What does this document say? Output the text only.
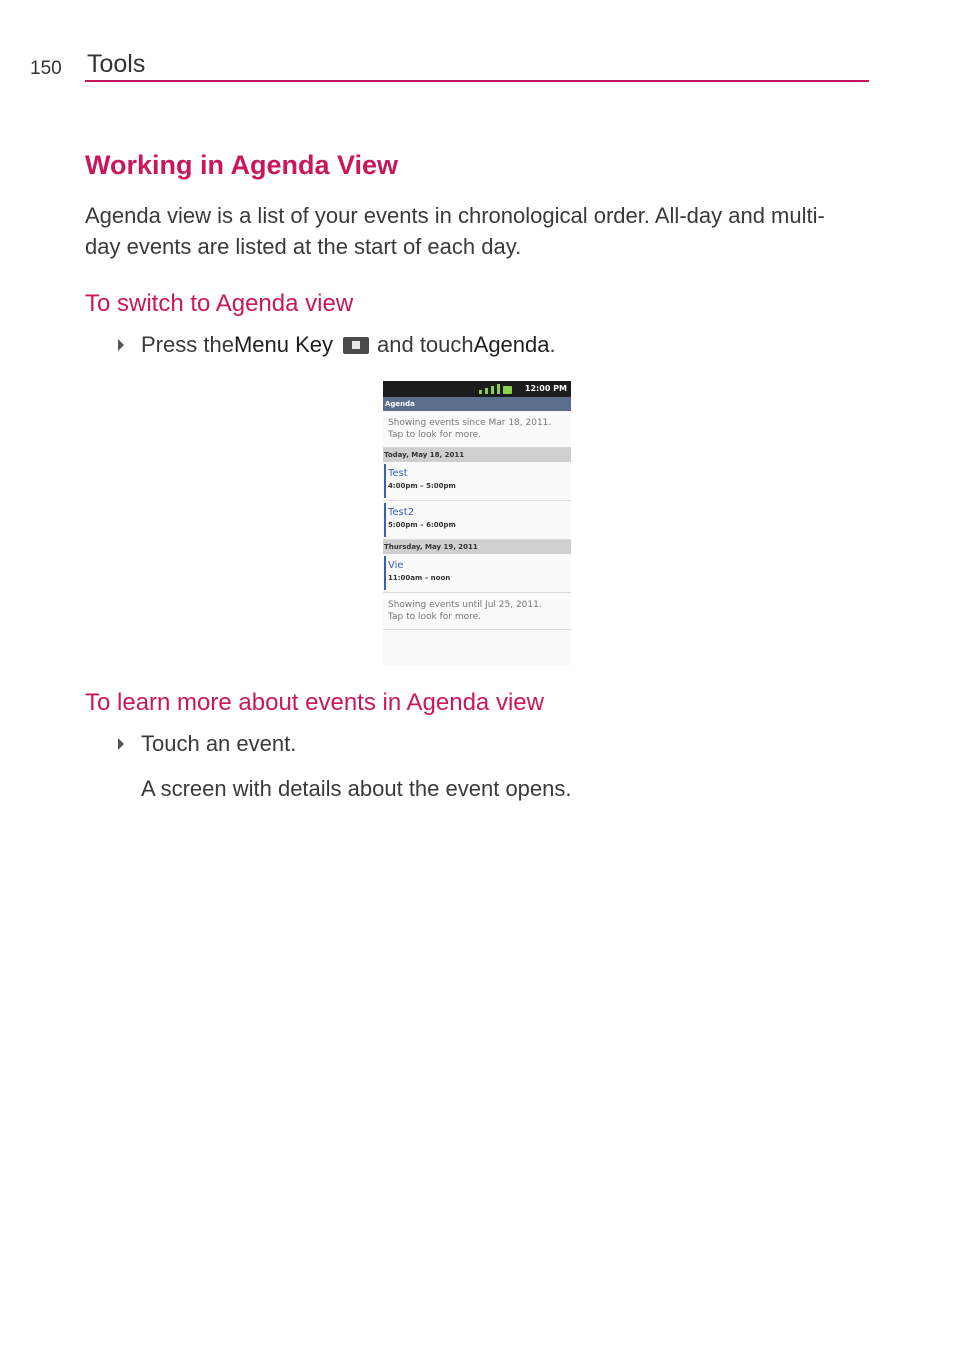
150 Tools
Working in Agenda View
Agenda view is a list of your events in chronological order. All-day and multi-day events are listed at the start of each day.
To switch to Agenda view
Press the Menu Key and touch Agenda .
12:00 PM
Agenda
Showing events since Mar 18, 2011.
Tap to look for more.
Today, May 18, 2011
Test
4:00pm – 5:00pm
Test2
5:00pm – 6:00pm
Thursday, May 19, 2011
Vie
11:00am – noon
Showing events until Jul 25, 2011.
Tap to look for more.
To learn more about events in Agenda view
Touch an event.
A screen with details about the event opens.
